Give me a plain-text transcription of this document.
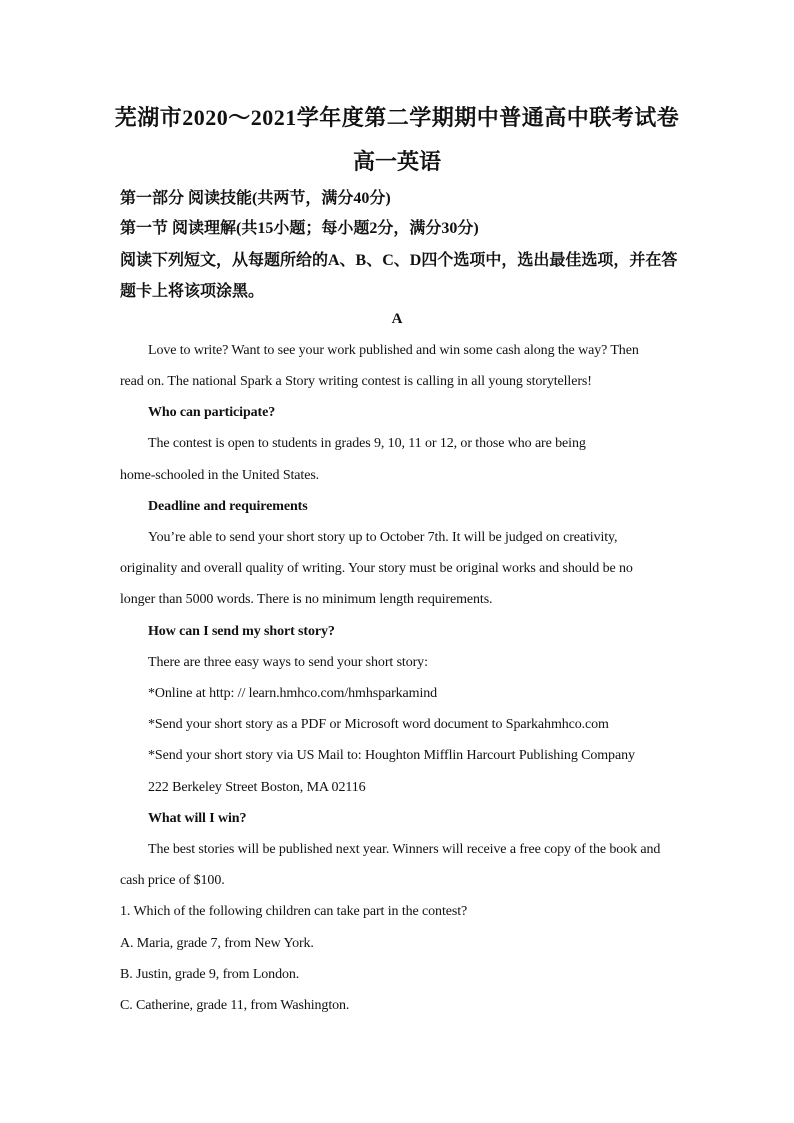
芜湖市2020～2021学年度第二学期期中普通高中联考试卷
高一英语
第一部分 阅读技能(共两节，满分40分)
第一节 阅读理解(共15小题；每小题2分，满分30分)
阅读下列短文，从每题所给的A、B、C、D四个选项中，选出最佳选项，并在答题卡上将该项涂黑。
A
Love to write? Want to see your work published and win some cash along the way? Then
read on. The national Spark a Story writing contest is calling in all young storytellers!
Who can participate?
The contest is open to students in grades 9, 10, 11 or 12, or those who are being
home-schooled in the United States.
Deadline and requirements
You’re able to send your short story up to October 7th. It will be judged on creativity,
originality and overall quality of writing. Your story must be original works and should be no
longer than 5000 words. There is no minimum length requirements.
How can I send my short story?
There are three easy ways to send your short story:
*Online at http: // learn.hmhco.com/hmhsparkamind
*Send your short story as a PDF or Microsoft word document to Sparkahmhco.com
*Send your short story via US Mail to: Houghton Mifflin Harcourt Publishing Company
222 Berkeley Street Boston, MA 02116
What will I win?
The best stories will be published next year. Winners will receive a free copy of the book and
cash price of $100.
1. Which of the following children can take part in the contest?
A. Maria, grade 7, from New York.
B. Justin, grade 9, from London.
C. Catherine, grade 11, from Washington.
